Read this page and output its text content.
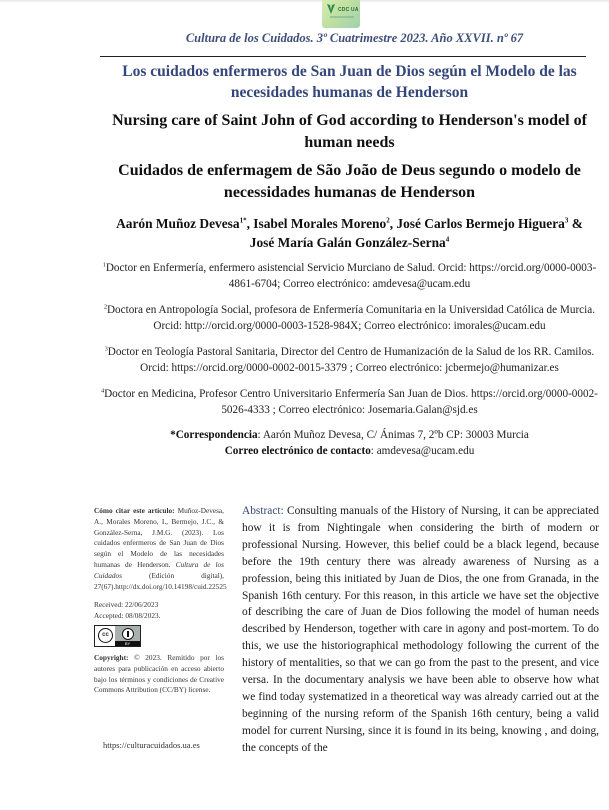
CDC UA
Cultura de los Cuidados. 3º Cuatrimestre 2023. Año XXVII. nº 67
Los cuidados enfermeros de San Juan de Dios según el Modelo de las necesidades humanas de Henderson
Nursing care of Saint John of God according to Henderson's model of human needs
Cuidados de enfermagem de São João de Deus segundo o modelo de necessidades humanas de Henderson
Aarón Muñoz Devesa$^{1*}$, Isabel Morales Moreno$^2$, José Carlos Bermejo Higuera$^3$ &
José María Galán González-Serna$^4$
$^1$Doctor en Enfermería, enfermero asistencial Servicio Murciano de Salud. Orcid: https://orcid.org/0000-0003-4861-6704; Correo electrónico: amdevesa@ucam.edu
$^2$Doctora en Antropología Social, profesora de Enfermería Comunitaria en la Universidad Católica de Murcia. Orcid: http://orcid.org/0000-0003-1528-984X; Correo electrónico: imorales@ucam.edu
$^3$Doctor en Teología Pastoral Sanitaria, Director del Centro de Humanización de la Salud de los RR. Camilos. Orcid: https://orcid.org/0000-0002-0015-3379 ; Correo electrónico: jcbermejo@humanizar.es
$^4$Doctor en Medicina, Profesor Centro Universitario Enfermería San Juan de Dios. https://orcid.org/0000-0002-5026-4333 ; Correo electrónico: Josemaria.Galan@sjd.es
*Correspondencia: Aarón Muñoz Devesa, C/ Ánimas 7, 2ºb CP: 30003 Murcia
Correo electrónico de contacto: amdevesa@ucam.edu

Cómo citar este artículo: Muñoz-Devesa, A., Morales Moreno, I., Bermejo, J.C., & González-Serna, J.M.G. (2023). Los cuidados enfermeros de San Juan de Dios según el Modelo de las necesidades humanas de Henderson. Cultura de los Cuidados (Edición digital), 27(67).http://dx.doi.org/10.14198/cuid.22525

Received: 22/06/2023

Accepted: 08/08/2023.

cc
BY

Copyright: © 2023. Remitido por los autores para publicación en acceso abierto bajo los términos y condiciones de Creative Commons Attribution (CC/BY) license.

https://culturacuidados.ua.es
Abstract: Consulting manuals of the History of Nursing, it can be appreciated how it is from Nightingale when considering the birth of modern or professional Nursing. However, this belief could be a black legend, because before the 19th century there was already awareness of Nursing as a profession, being this initiated by Juan de Dios, the one from Granada, in the Spanish 16th century. For this reason, in this article we have set the objective of describing the care of Juan de Dios following the model of human needs described by Henderson, together with care in agony and post-mortem. To do this, we use the historiographical methodology following the current of the history of mentalities, so that we can go from the past to the present, and vice versa. In the documentary analysis we have been able to observe how what we find today systematized in a theoretical way was already carried out at the beginning of the nursing reform of the Spanish 16th century, being a valid model for current Nursing, since it is found in its being, knowing , and doing, the concepts of the
